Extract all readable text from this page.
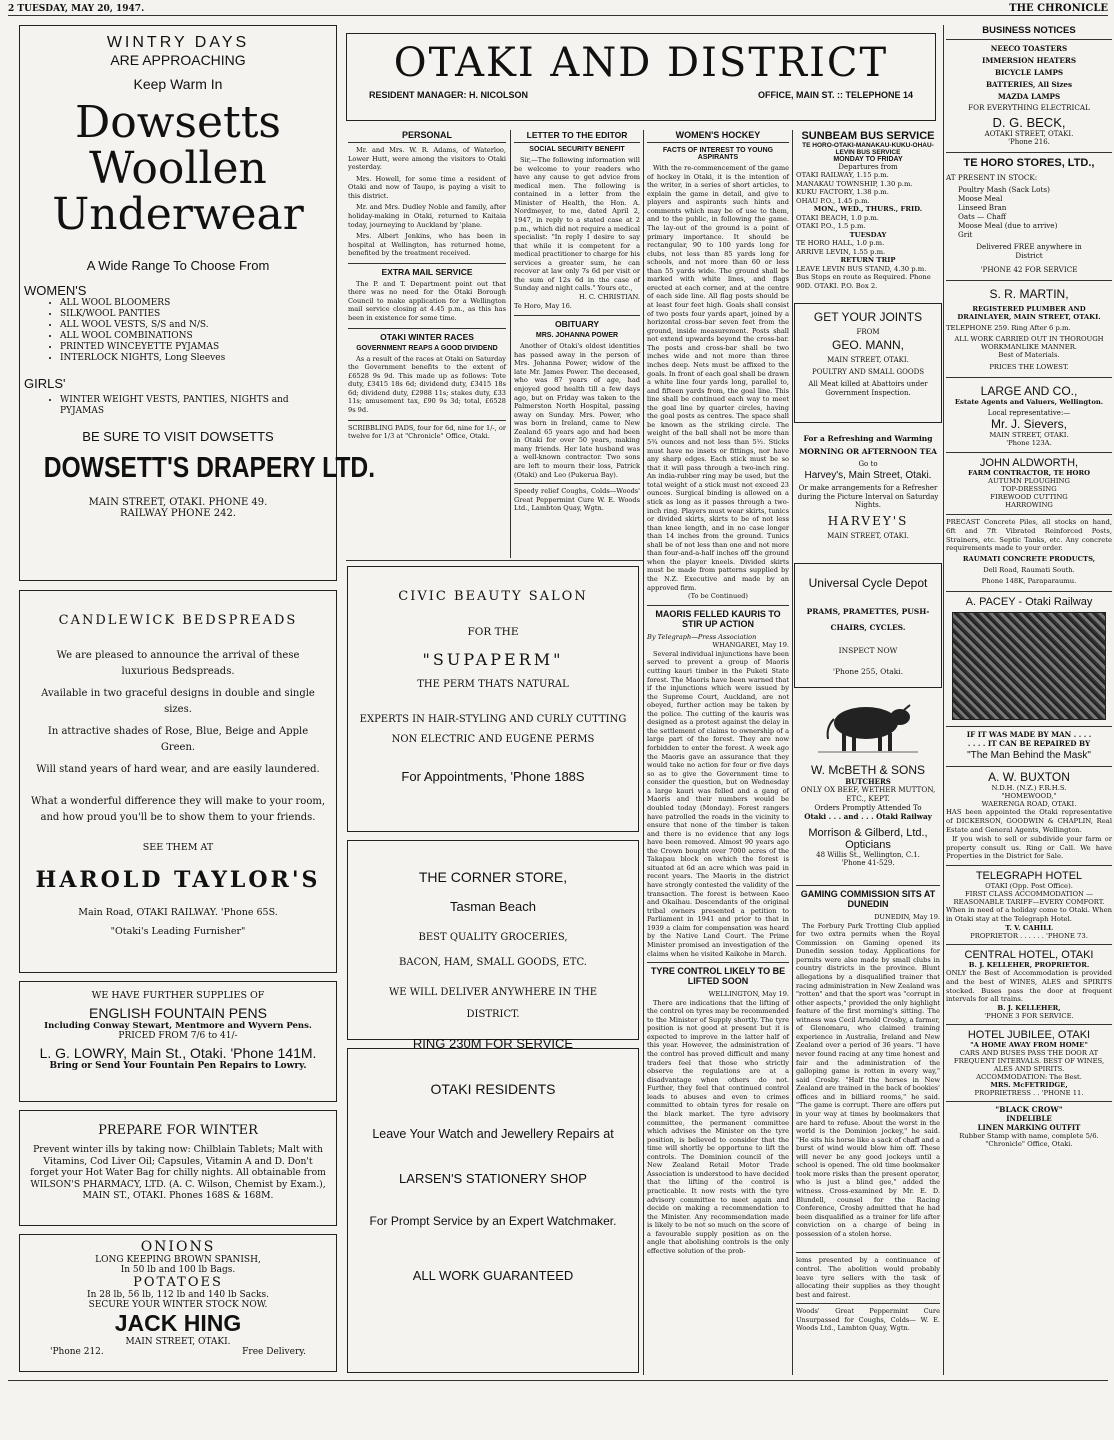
2 TUESDAY, MAY 20, 1947.	THE CHRONICLE
WINTRY DAYS
ARE APPROACHING
Keep Warm In
Dowsetts
Woollen
Underwear
A Wide Range To Choose From
WOMEN'S
• ALL WOOL BLOOMERS
• SILK/WOOL PANTIES
• ALL WOOL VESTS, S/S and N/S.
• ALL WOOL COMBINATIONS
• PRINTED WINCEYETTE PYJAMAS
• INTERLOCK NIGHTS, Long Sleeves
GIRLS'
• WINTER WEIGHT VESTS, PANTIES, NIGHTS and PYJAMAS
BE SURE TO VISIT DOWSETTS
DOWSETT'S DRAPERY LTD.
MAIN STREET, OTAKI. PHONE 49.
RAILWAY PHONE 242.
CANDLEWICK BEDSPREADS
We are pleased to announce the arrival of these luxurious Bedspreads.
Available in two graceful designs in double and single sizes.
In attractive shades of Rose, Blue, Beige and Apple Green.
Will stand years of hard wear, and are easily laundered.
What a wonderful difference they will make to your room, and how proud you'll be to show them to your friends.
SEE THEM AT
HAROLD TAYLOR'S
Main Road, OTAKI RAILWAY. 'Phone 65S.
"Otaki's Leading Furnisher"
WE HAVE FURTHER SUPPLIES OF
ENGLISH FOUNTAIN PENS
Including Conway Stewart, Mentmore and Wyvern Pens.
PRICED FROM 7/6 to 41/-
L. G. LOWRY, Main St., Otaki. 'Phone 141M.
Bring or Send Your Fountain Pen Repairs to Lowry.
PREPARE FOR WINTER
Prevent winter ills by taking now: Chilblain Tablets; Malt with Vitamins, Cod Liver Oil; Capsules, Vitamin A and D. Don't forget your Hot Water Bag for chilly nights. All obtainable from WILSON'S PHARMACY, LTD. (A. C. Wilson, Chemist by Exam.), MAIN ST., OTAKI. Phones 168S & 168M.
ONIONS
LONG KEEPING BROWN SPANISH,
In 50 lb and 100 lb Bags.
POTATOES
In 28 lb, 56 lb, 112 lb and 140 lb Sacks.
SECURE YOUR WINTER STOCK NOW.
JACK HING
MAIN STREET, OTAKI.
'Phone 212.	Free Delivery.
OTAKI AND DISTRICT
RESIDENT MANAGER: H. NICOLSON	OFFICE, MAIN ST. :: TELEPHONE 14
PERSONAL

Mr. and Mrs. W. R. Adams, of Waterloo, Lower Hutt, were among the visitors to Otaki yesterday.

Mrs. Howell, for some time a resident of Otaki and now of Taupo, is paying a visit to this district.

Mr. and Mrs. Dudley Noble and family, after holiday-making in Otaki, returned to Kaitaia today, journeying to Auckland by 'plane.

Mrs. Albert Jenkins, who has been in hospital at Wellington, has returned home, benefited by the treatment received.

EXTRA MAIL SERVICE

The P. and T. Department point out that there was no need for the Otaki Borough Council to make application for a Wellington mail service closing at 4.45 p.m., as this has been in existence for some time.

OTAKI WINTER RACES
GOVERNMENT REAPS A GOOD DIVIDEND

As a result of the races at Otaki on Saturday the Government benefits to the extent of £6528 9s 9d. This made up as follows: Tote duty, £3415 18s 6d; dividend duty, £3415 18s 6d; dividend duty, £2988 11s; stakes duty, £33 11s; amusement tax, £90 9s 3d; total, £6528 9s 9d.

SCRIBBLING PADS, four for 6d, nine for 1/-, or twelve for 1/3 at "Chronicle" Office, Otaki.

LETTER TO THE EDITOR
SOCIAL SECURITY BENEFIT

Sir,—The following information will be welcome to your readers who have any cause to get advice from medical men. The following is contained in a letter from the Minister of Health, the Hon. A. Nordmeyer, to me, dated April 2, 1947, in reply to a stated case at 2 p.m., which did not require a medical specialist: "In reply I desire to say that while it is competent for a medical practitioner to charge for his services a greater sum, he can recover at law only 7s 6d per visit or the sum of 12s 6d in the case of Sunday and night calls." Yours etc.,

H. C. CHRISTIAN.

Te Horo, May 16.

OBITUARY
MRS. JOHANNA POWER

Another of Otaki's oldest identities has passed away in the person of Mrs. Johanna Power, widow of the late Mr. James Power. The deceased, who was 87 years of age, had enjoyed good health till a few days ago, but on Friday was taken to the Palmerston North Hospital, passing away on Sunday. Mrs. Power, who was born in Ireland, came to New Zealand 65 years ago and had been in Otaki for over 50 years, making many friends. Her late husband was a well-known contractor. Two sons are left to mourn their loss, Patrick (Otaki) and Leo (Pukerua Bay).

Speedy relief Coughs, Colds—Woods' Great Peppermint Cure W. E. Woods Ltd., Lambton Quay, Wgtn.

CIVIC BEAUTY SALON
FOR THE
"SUPAPERM"
THE PERM THATS NATURAL
EXPERTS IN HAIR-STYLING AND CURLY CUTTING
NON ELECTRIC AND EUGENE PERMS
For Appointments, 'Phone 188S
THE CORNER STORE,
Tasman Beach
BEST QUALITY GROCERIES,
BACON, HAM, SMALL GOODS, ETC.
WE WILL DELIVER ANYWHERE IN THE DISTRICT.
RING 230M FOR SERVICE
OTAKI RESIDENTS
Leave Your Watch and Jewellery Repairs at
LARSEN'S STATIONERY SHOP
For Prompt Service by an Expert Watchmaker.
ALL WORK GUARANTEED
WOMEN'S HOCKEY
FACTS OF INTEREST TO YOUNG ASPIRANTS

With the re-commencement of the game of hockey in Otaki, it is the intention of the writer, in a series of short articles, to explain the game in detail, and give to players and aspirants such hints and comments which may be of use to them, and to the public, in following the game. The lay-out of the ground is a point of primary importance. It should be rectangular, 90 to 100 yards long for clubs, not less than 85 yards long for schools, and not more than 60 or less than 55 yards wide. The ground shall be marked with white lines, and flags erected at each corner, and at the centre of each side line. All flag posts should be at least four feet high. Goals shall consist of two posts four yards apart, joined by a horizontal cross-bar seven feet from the ground, inside measurement. Posts shall not extend upwards beyond the cross-bar. The posts and cross-bar shall be two inches wide and not more than three inches deep. Nets must be affixed to the goals. In front of each goal shall be drawn a white line four yards long, parallel to, and fifteen yards from, the goal line. This line shall be continued each way to meet the goal line by quarter circles, having the goal posts as centres. The space shall be known as the striking circle. The weight of the ball shall not be more than 5¾ ounces and not less than 5½. Sticks must have no insets or fittings, nor have any sharp edges. Each stick must be so that it will pass through a two-inch ring. An india-rubber ring may be used, but the total weight of a stick must not exceed 23 ounces. Surgical binding is allowed on a stick as long as it passes through a two-inch ring. Players must wear skirts, tunics or divided skirts, skirts to be of not less than knee length, and in no case longer than 14 inches from the ground. Tunics shall be of not less than one and not more than four-and-a-half inches off the ground when the player kneels. Divided skirts must be made from patterns supplied by the N.Z. Executive and made by an approved firm.

(To be Continued)

MAORIS FELLED KAURIS TO STIR UP ACTION

By Telegraph—Press Association

WHANGAREI, May 19.

Several individual injunctions have been served to prevent a group of Maoris cutting kauri timber in the Puketi State forest. The Maoris have been warned that if the injunctions which were issued by the Supreme Court, Auckland, are not obeyed, further action may be taken by the police. The cutting of the kauris was designed as a protest against the delay in the settlement of claims to ownership of a large part of the forest. They are now forbidden to enter the forest. A week ago the Maoris gave an assurance that they would take no action for four or five days so as to give the Government time to consider the question, but on Wednesday a large kauri was felled and a gang of Maoris and their numbers would be doubled today (Monday). Forest rangers have patrolled the roads in the vicinity to ensure that none of the timber is taken and there is no evidence that any logs have been removed. Almost 90 years ago the Crown bought over 7000 acres of the Takapau block on which the forest is situated at 6d an acre which was paid in recent years. The Maoris in the district have strongly contested the validity of the transaction. The forest is between Kaeo and Okaihau. Descendants of the original tribal owners presented a petition to Parliament in 1941 and prior to that in 1939 a claim for compensation was heard by the Native Land Court. The Prime Minister promised an investigation of the claims when he visited Kaikohe in March.

TYRE CONTROL LIKELY TO BE LIFTED SOON

WELLINGTON, May 19.

There are indications that the lifting of the control on tyres may be recommended to the Minister of Supply shortly. The tyre position is not good at present but it is expected to improve in the latter half of this year. However, the administration of the control has proved difficult and many traders feel that those who strictly observe the regulations are at a disadvantage when others do not. Further, they feel that continued control leads to abuses and even to crimes committed to obtain tyres for resale on the black market. The tyre advisory committee, the permanent committee which advises the Minister on the tyre position, is believed to consider that the time will shortly be opportune to lift the controls. The Dominion council of the New Zealand Retail Motor Trade Association is understood to have decided that the lifting of the control is practicable. It now rests with the tyre advisory committee to meet again and decide on making a recommendation to the Minister. Any recommendation made is likely to be not so much on the score of a favourable supply position as on the angle that abolishing controls is the only effective solution of the prob-

SUNBEAM BUS SERVICE
TE HORO-OTAKI-MANAKAU-KUKU-OHAU-LEVIN BUS SERVICE
MONDAY TO FRIDAY
Departures from
OTAKI RAILWAY, 1.15 p.m.
MANAKAU TOWNSHIP, 1.30 p.m.
KUKU FACTORY, 1.38 p.m.
OHAU P.O., 1.45 p.m.
MON., WED., THURS., FRID.
OTAKI BEACH, 1.0 p.m.
OTAKI P.O., 1.5 p.m.
TUESDAY
TE HORO HALL, 1.0 p.m.
ARRIVE LEVIN, 1.55 p.m.
RETURN TRIP
LEAVE LEVIN BUS STAND, 4.30 p.m.
Bus Stops en route as Required. Phone 90D. OTAKI. P.O. Box 2.
GET YOUR JOINTS
FROM
GEO. MANN,
MAIN STREET, OTAKI.
POULTRY AND SMALL GOODS
All Meat killed at Abattoirs under Government Inspection.
For a Refreshing and Warming
MORNING OR AFTERNOON TEA
Go to
Harvey's, Main Street, Otaki.
Or make arrangements for a Refresher during the Picture Interval on Saturday Nights.
HARVEY'S
MAIN STREET, OTAKI.
Universal Cycle Depot
PRAMS, PRAMETTES, PUSH-CHAIRS, CYCLES.
INSPECT NOW
'Phone 255, Otaki.
W. McBETH & SONS
BUTCHERS
ONLY OX BEEF, WETHER MUTTON, ETC., KEPT.
Orders Promptly Attended To
Otaki . . . and . . . Otaki Railway
Morrison & Gilberd, Ltd.,
Opticians
48 Willis St., Wellington, C.1.
'Phone 41-529.
GAMING COMMISSION SITS AT DUNEDIN

DUNEDIN, May 19.

The Forbury Park Trotting Club applied for two extra permits when the Royal Commission on Gaming opened its Dunedin session today. Applications for permits were also made by small clubs in country districts in the province. Blunt allegations by a disqualified trainer that racing administration in New Zealand was "rotten" and that the sport was "corrupt in other aspects," provided the only highlight feature of the first morning's sitting. The witness was Cecil Arnold Crosby, a farmer, of Glenomaru, who claimed training experience in Australia, Ireland and New Zealand over a period of 36 years. "I have never found racing at any time honest and fair and the administration of the galloping game is rotten in every way," said Crosby. "Half the horses in New Zealand are trained in the back of bookies' offices and in billiard rooms," he said. "The game is corrupt. There are offers put in your way at times by bookmakers that are hard to refuse. About the worst in the world is the Dominion jockey," he said. "He sits his horse like a sack of chaff and a burst of wind would blow him off. These will never be any good jockeys until a school is opened. The old time bookmaker took more risks than the present operator, who is just a blind gee," added the witness. Cross-examined by Mr. E. D. Blundell, counsel for the Racing Conference, Crosby admitted that he had been disqualified as a trainer for life after conviction on a charge of being in possession of a stolen horse.

lems presented by a continuance of control. The abolition would probably leave tyre sellers with the task of allocating their supplies as they thought best and fairest.

Woods' Great Peppermint Cure Unsurpassed for Coughs, Colds— W. E. Woods Ltd., Lambton Quay, Wgtn.

BUSINESS NOTICES
NEECO TOASTERS
IMMERSION HEATERS
BICYCLE LAMPS
BATTERIES, All Sizes
MAZDA LAMPS
FOR EVERYTHING ELECTRICAL
D. G. BECK,
AOTAKI STREET, OTAKI.
'Phone 216.
TE HORO STORES, LTD.,
AT PRESENT IN STOCK:
Poultry Mash (Sack Lots)
Moose Meal
Linseed Bran
Oats — Chaff
Moose Meal (due to arrive)
Grit
Delivered FREE anywhere in District
'PHONE 42 FOR SERVICE
S. R. MARTIN,
REGISTERED PLUMBER AND DRAINLAYER, MAIN STREET, OTAKI.
TELEPHONE 259. Ring After 6 p.m.
ALL WORK CARRIED OUT IN THOROUGH WORKMANLIKE MANNER.
Best of Materials.
PRICES THE LOWEST.
LARGE AND CO.,
Estate Agents and Valuers, Wellington.
Local representative:—
Mr. J. Sievers,
MAIN STREET, OTAKI.
'Phone 123A.
JOHN ALDWORTH,
FARM CONTRACTOR, TE HORO
AUTUMN PLOUGHING
TOP-DRESSING
FIREWOOD CUTTING
HARROWING
PRECAST Concrete Piles, all stocks on hand, 6ft and 7ft Vibrated Reinforced Posts, Strainers, etc. Septic Tanks, etc. Any concrete requirements made to your order.
RAUMATI CONCRETE PRODUCTS,
Dell Road, Raumati South.
Phone 148K, Paraparaumu.
A. PACEY - Otaki Railway
IF IT WAS MADE BY MAN . . . .
. . . . IT CAN BE REPAIRED BY
"The Man Behind the Mask"
A. W. BUXTON
N.D.H. (N.Z.) F.R.H.S.
"HOMEWOOD,"
WAERENGA ROAD, OTAKI.
HAS been appointed the Otaki representative of DICKERSON, GOODWIN & CHAPLIN, Real Estate and General Agents, Wellington.
If you wish to sell or subdivide your farm or property consult us. Ring or Call. We have Properties in the District for Sale.
TELEGRAPH HOTEL
OTAKI (Opp. Post Office).
FIRST CLASS ACCOMMODATION —REASONABLE TARIFF—EVERY COMFORT.
When in need of a holiday come to Otaki. When in Otaki stay at the Telegraph Hotel.
T. V. CAHILL
PROPRIETOR . . . . . . 'PHONE 73.
CENTRAL HOTEL, OTAKI
B. J. KELLEHER, PROPRIETOR.
ONLY the Best of Accommodation is provided and the best of WINES, ALES and SPIRITS stocked. Buses pass the door at frequent intervals for all trains.
B. J. KELLEHER,
'PHONE 3 FOR SERVICE.
HOTEL JUBILEE, OTAKI
"A HOME AWAY FROM HOME"
CARS AND BUSES PASS THE DOOR AT FREQUENT INTERVALS. BEST OF WINES, ALES AND SPIRITS.
ACCOMMODATION: The Best.
MRS. McFETRIDGE,
PROPRIETRESS . . 'PHONE 11.
"BLACK CROW"
INDELIBLE
LINEN MARKING OUTFIT
Rubber Stamp with name, complete 5/6.
"Chronicle" Office, Otaki.
